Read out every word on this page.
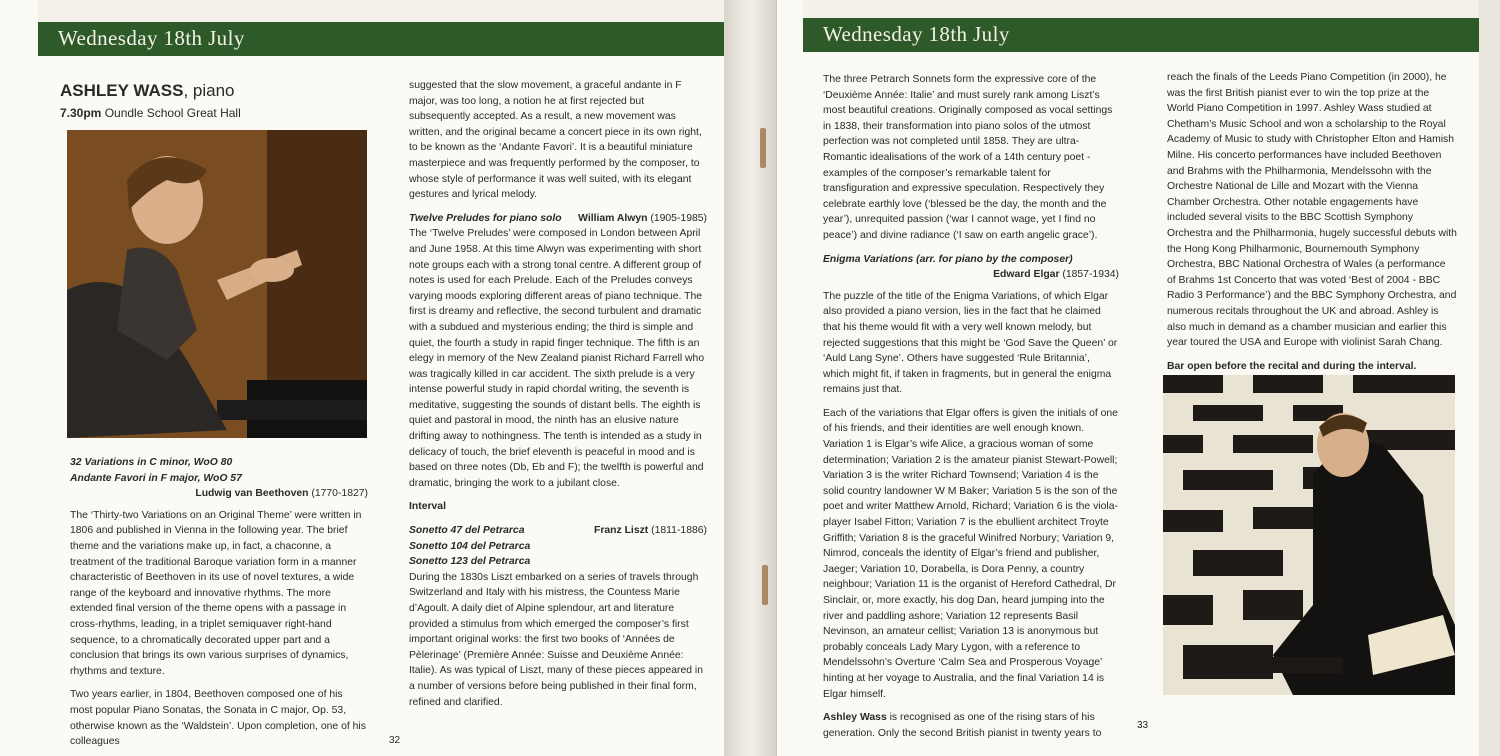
Wednesday 18th July
ASHLEY WASS, piano
7.30pm Oundle School Great Hall
32 Variations in C minor, WoO 80
Andante Favori in F major, WoO 57
Ludwig van Beethoven (1770-1827)

The ‘Thirty-two Variations on an Original Theme’ were written in 1806 and published in Vienna in the following year. The brief theme and the variations make up, in fact, a chaconne, a treatment of the traditional Baroque variation form in a manner characteristic of Beethoven in its use of novel textures, a wide range of the keyboard and innovative rhythms. The more extended final version of the theme opens with a passage in cross-rhythms, leading, in a triplet semiquaver right-hand sequence, to a chromatically decorated upper part and a conclusion that brings its own various surprises of dynamics, rhythms and texture.

Two years earlier, in 1804, Beethoven composed one of his most popular Piano Sonatas, the Sonata in C major, Op. 53, otherwise known as the ‘Waldstein’. Upon completion, one of his colleagues

suggested that the slow movement, a graceful andante in F major, was too long, a notion he at first rejected but subsequently accepted. As a result, a new movement was written, and the original became a concert piece in its own right, to be known as the ‘Andante Favori’. It is a beautiful miniature masterpiece and was frequently performed by the composer, to whose style of performance it was well suited, with its elegant gestures and lyrical melody.

Twelve Preludes for piano solo William Alwyn (1905-1985)

The ‘Twelve Preludes’ were composed in London between April and June 1958. At this time Alwyn was experimenting with short note groups each with a strong tonal centre. A different group of notes is used for each Prelude. Each of the Preludes conveys varying moods exploring different areas of piano technique. The first is dreamy and reflective, the second turbulent and dramatic with a subdued and mysterious ending; the third is simple and quiet, the fourth a study in rapid finger technique. The fifth is an elegy in memory of the New Zealand pianist Richard Farrell who was tragically killed in car accident. The sixth prelude is a very intense powerful study in rapid chordal writing, the seventh is meditative, suggesting the sounds of distant bells. The eighth is quiet and pastoral in mood, the ninth has an elusive nature drifting away to nothingness. The tenth is intended as a study in delicacy of touch, the brief eleventh is peaceful in mood and is based on three notes (Db, Eb and F); the twelfth is powerful and dramatic, bringing the work to a jubilant close.

Interval

Sonetto 47 del Petrarca	Franz Liszt (1811-1886)
Sonetto 104 del Petrarca
Sonetto 123 del Petrarca

During the 1830s Liszt embarked on a series of travels through Switzerland and Italy with his mistress, the Countess Marie d’Agoult. A daily diet of Alpine splendour, art and literature provided a stimulus from which emerged the composer’s first important original works: the first two books of ‘Années de Pèlerinage’ (Première Année: Suisse and Deuxième Année: Italie). As was typical of Liszt, many of these pieces appeared in a number of versions before being published in their final form, refined and clarified.

32
Wednesday 18th July

The three Petrarch Sonnets form the expressive core of the ‘Deuxième Année: Italie’ and must surely rank among Liszt’s most beautiful creations. Originally composed as vocal settings in 1838, their transformation into piano solos of the utmost perfection was not completed until 1858. They are ultra-Romantic idealisations of the work of a 14th century poet - examples of the composer’s remarkable talent for transfiguration and expressive speculation. Respectively they celebrate earthly love (‘blessed be the day, the month and the year’), unrequited passion (‘war I cannot wage, yet I find no peace’) and divine radiance (‘I saw on earth angelic grace’).

Enigma Variations (arr. for piano by the composer)
Edward Elgar (1857-1934)

The puzzle of the title of the Enigma Variations, of which Elgar also provided a piano version, lies in the fact that he claimed that his theme would fit with a very well known melody, but rejected suggestions that this might be ‘God Save the Queen’ or ‘Auld Lang Syne’. Others have suggested ‘Rule Britannia’, which might fit, if taken in fragments, but in general the enigma remains just that.

Each of the variations that Elgar offers is given the initials of one of his friends, and their identities are well enough known. Variation 1 is Elgar’s wife Alice, a gracious woman of some determination; Variation 2 is the amateur pianist Stewart-Powell; Variation 3 is the writer Richard Townsend; Variation 4 is the solid country landowner W M Baker; Variation 5 is the son of the poet and writer Matthew Arnold, Richard; Variation 6 is the viola-player Isabel Fitton; Variation 7 is the ebullient architect Troyte Griffith; Variation 8 is the graceful Winifred Norbury; Variation 9, Nimrod, conceals the identity of Elgar’s friend and publisher, Jaeger; Variation 10, Dorabella, is Dora Penny, a country neighbour; Variation 11 is the organist of Hereford Cathedral, Dr Sinclair, or, more exactly, his dog Dan, heard jumping into the river and paddling ashore; Variation 12 represents Basil Nevinson, an amateur cellist; Variation 13 is anonymous but probably conceals Lady Mary Lygon, with a reference to Mendelssohn’s Overture ‘Calm Sea and Prosperous Voyage’ hinting at her voyage to Australia, and the final Variation 14 is Elgar himself.

Ashley Wass is recognised as one of the rising stars of his generation. Only the second British pianist in twenty years to

reach the finals of the Leeds Piano Competition (in 2000), he was the first British pianist ever to win the top prize at the World Piano Competition in 1997. Ashley Wass studied at Chetham’s Music School and won a scholarship to the Royal Academy of Music to study with Christopher Elton and Hamish Milne. His concerto performances have included Beethoven and Brahms with the Philharmonia, Mendelssohn with the Orchestre National de Lille and Mozart with the Vienna Chamber Orchestra. Other notable engagements have included several visits to the BBC Scottish Symphony Orchestra and the Philharmonia, hugely successful debuts with the Hong Kong Philharmonic, Bournemouth Symphony Orchestra, BBC National Orchestra of Wales (a performance of Brahms 1st Concerto that was voted ‘Best of 2004 - BBC Radio 3 Performance’) and the BBC Symphony Orchestra, and numerous recitals throughout the UK and abroad. Ashley is also much in demand as a chamber musician and earlier this year toured the USA and Europe with violinist Sarah Chang.

Bar open before the recital and during the interval.

33
